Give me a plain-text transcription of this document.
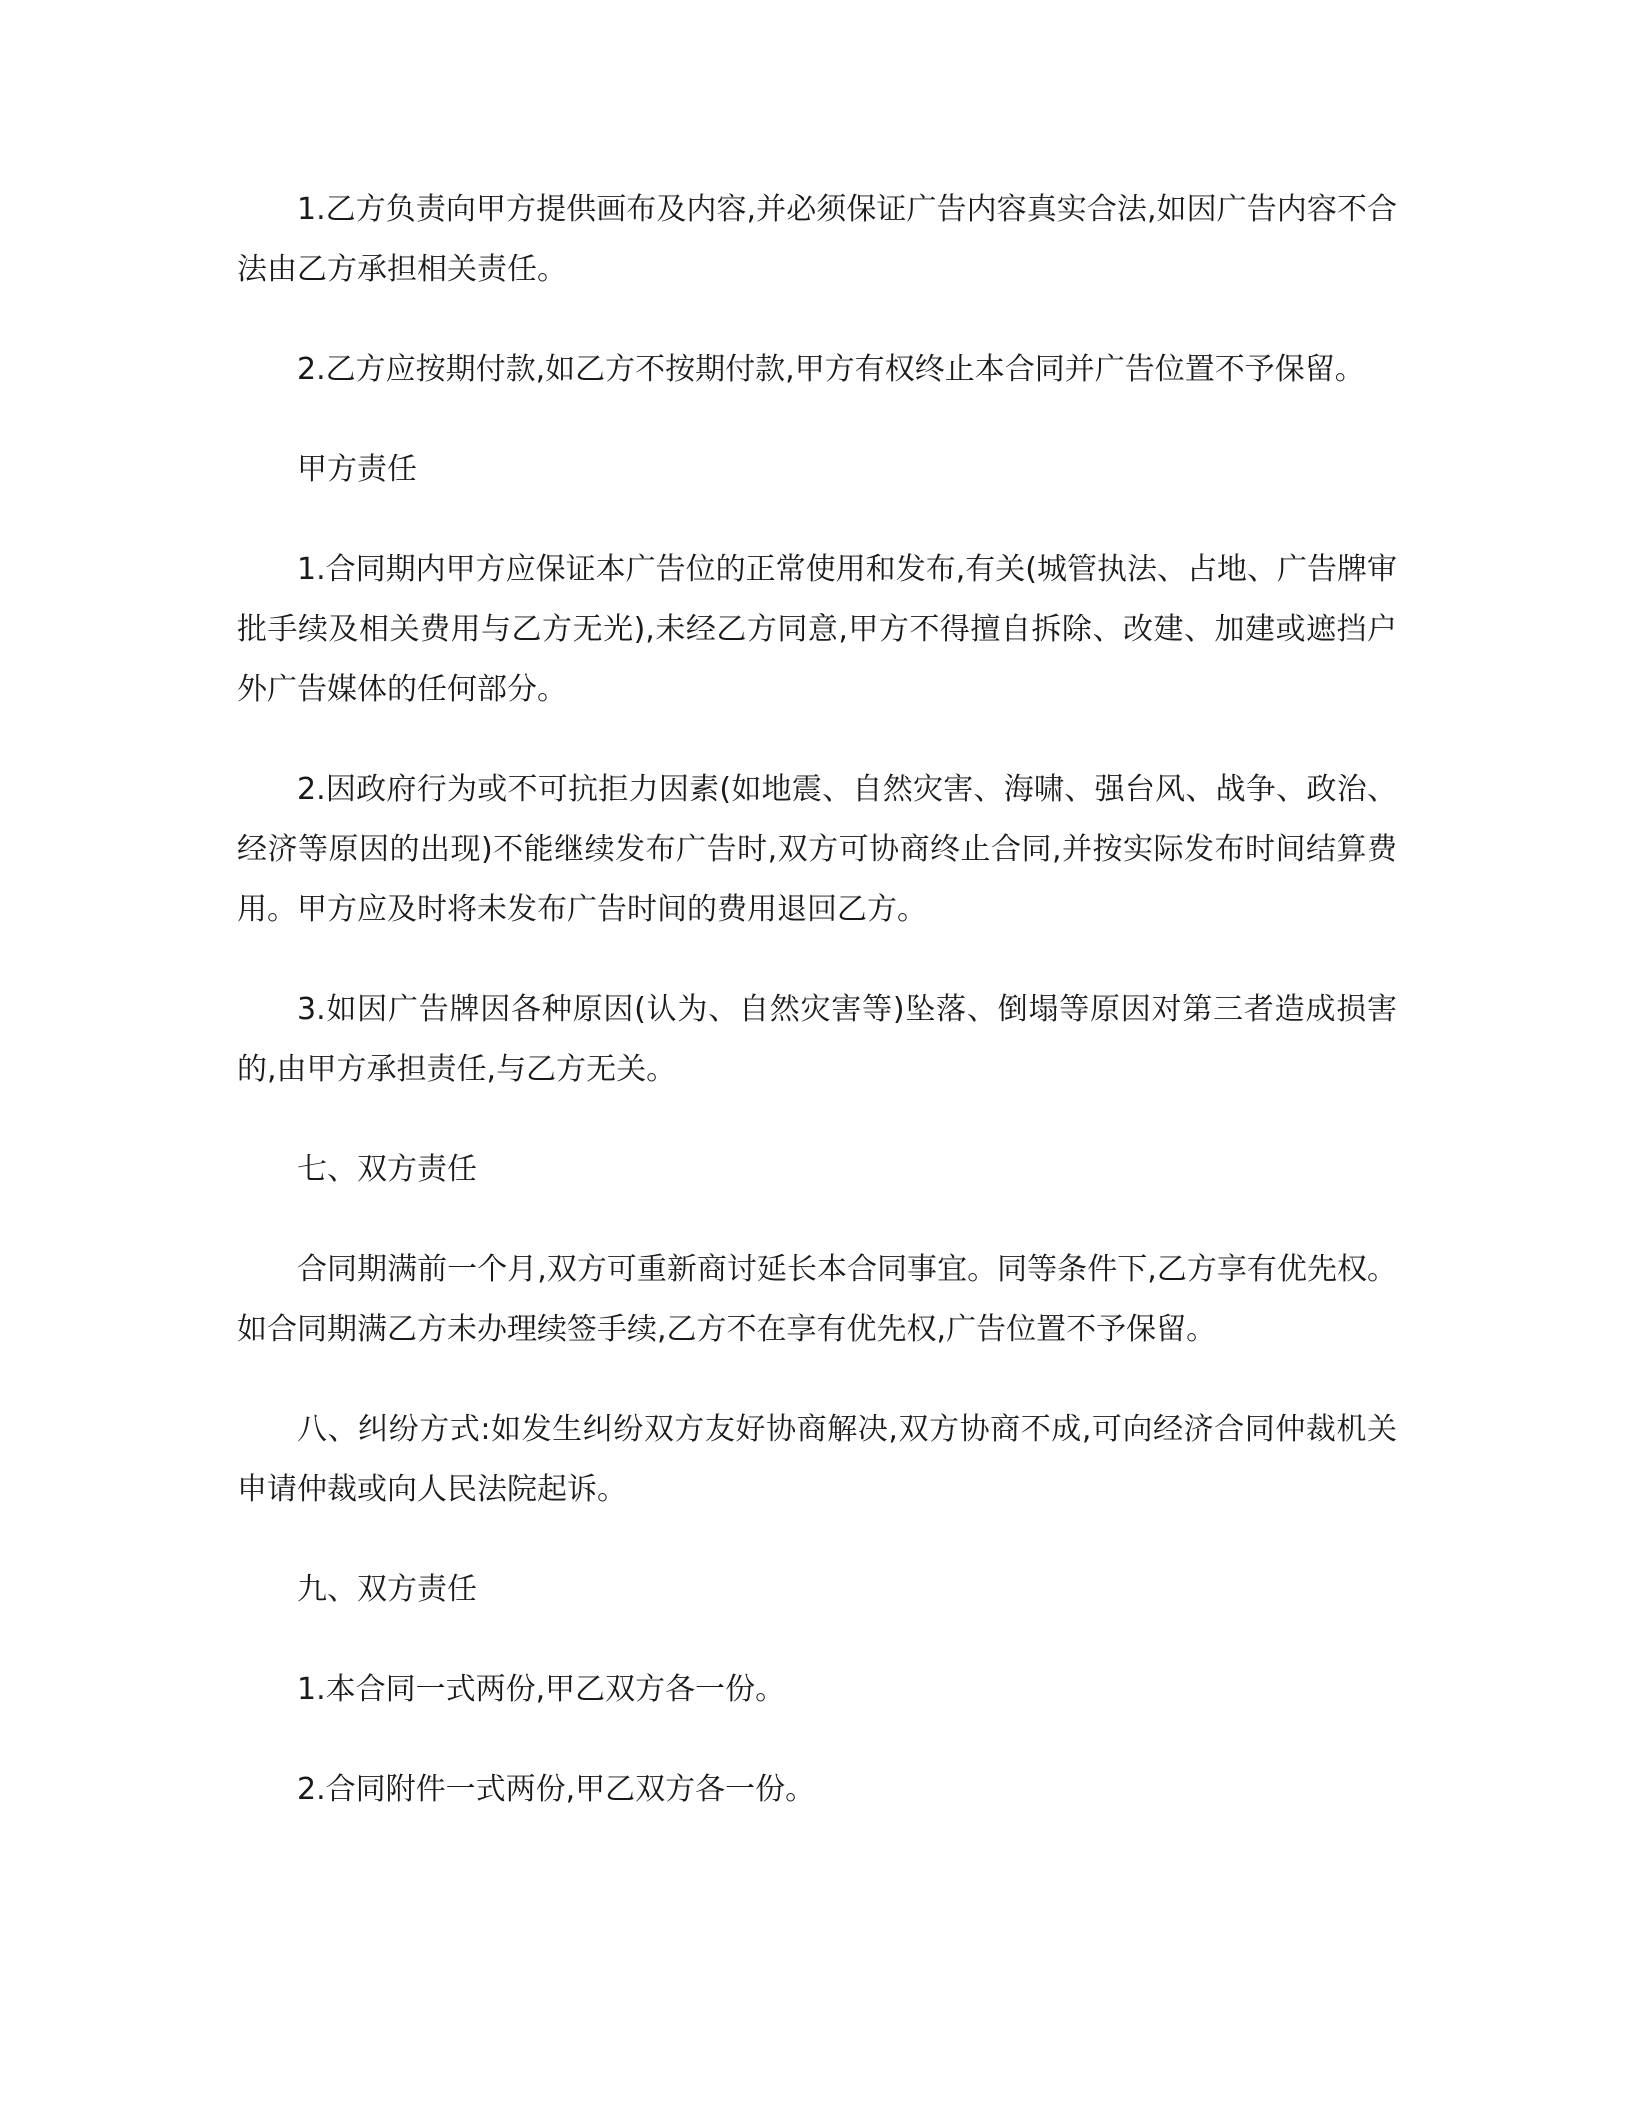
1.乙方负责向甲方提供画布及内容,并必须保证广告内容真实合法,如因广告内容不合法由乙方承担相关责任。

2.乙方应按期付款,如乙方不按期付款,甲方有权终止本合同并广告位置不予保留。

甲方责任

1.合同期内甲方应保证本广告位的正常使用和发布,有关(城管执法、占地、广告牌审批手续及相关费用与乙方无光),未经乙方同意,甲方不得擅自拆除、改建、加建或遮挡户外广告媒体的任何部分。

2.因政府行为或不可抗拒力因素(如地震、自然灾害、海啸、强台风、战争、政治、经济等原因的出现)不能继续发布广告时,双方可协商终止合同,并按实际发布时间结算费用。甲方应及时将未发布广告时间的费用退回乙方。

3.如因广告牌因各种原因(认为、自然灾害等)坠落、倒塌等原因对第三者造成损害的,由甲方承担责任,与乙方无关。

七、双方责任

合同期满前一个月,双方可重新商讨延长本合同事宜。同等条件下,乙方享有优先权。如合同期满乙方未办理续签手续,乙方不在享有优先权,广告位置不予保留。

八、纠纷方式:如发生纠纷双方友好协商解决,双方协商不成,可向经济合同仲裁机关申请仲裁或向人民法院起诉。

九、双方责任

1.本合同一式两份,甲乙双方各一份。

2.合同附件一式两份,甲乙双方各一份。
